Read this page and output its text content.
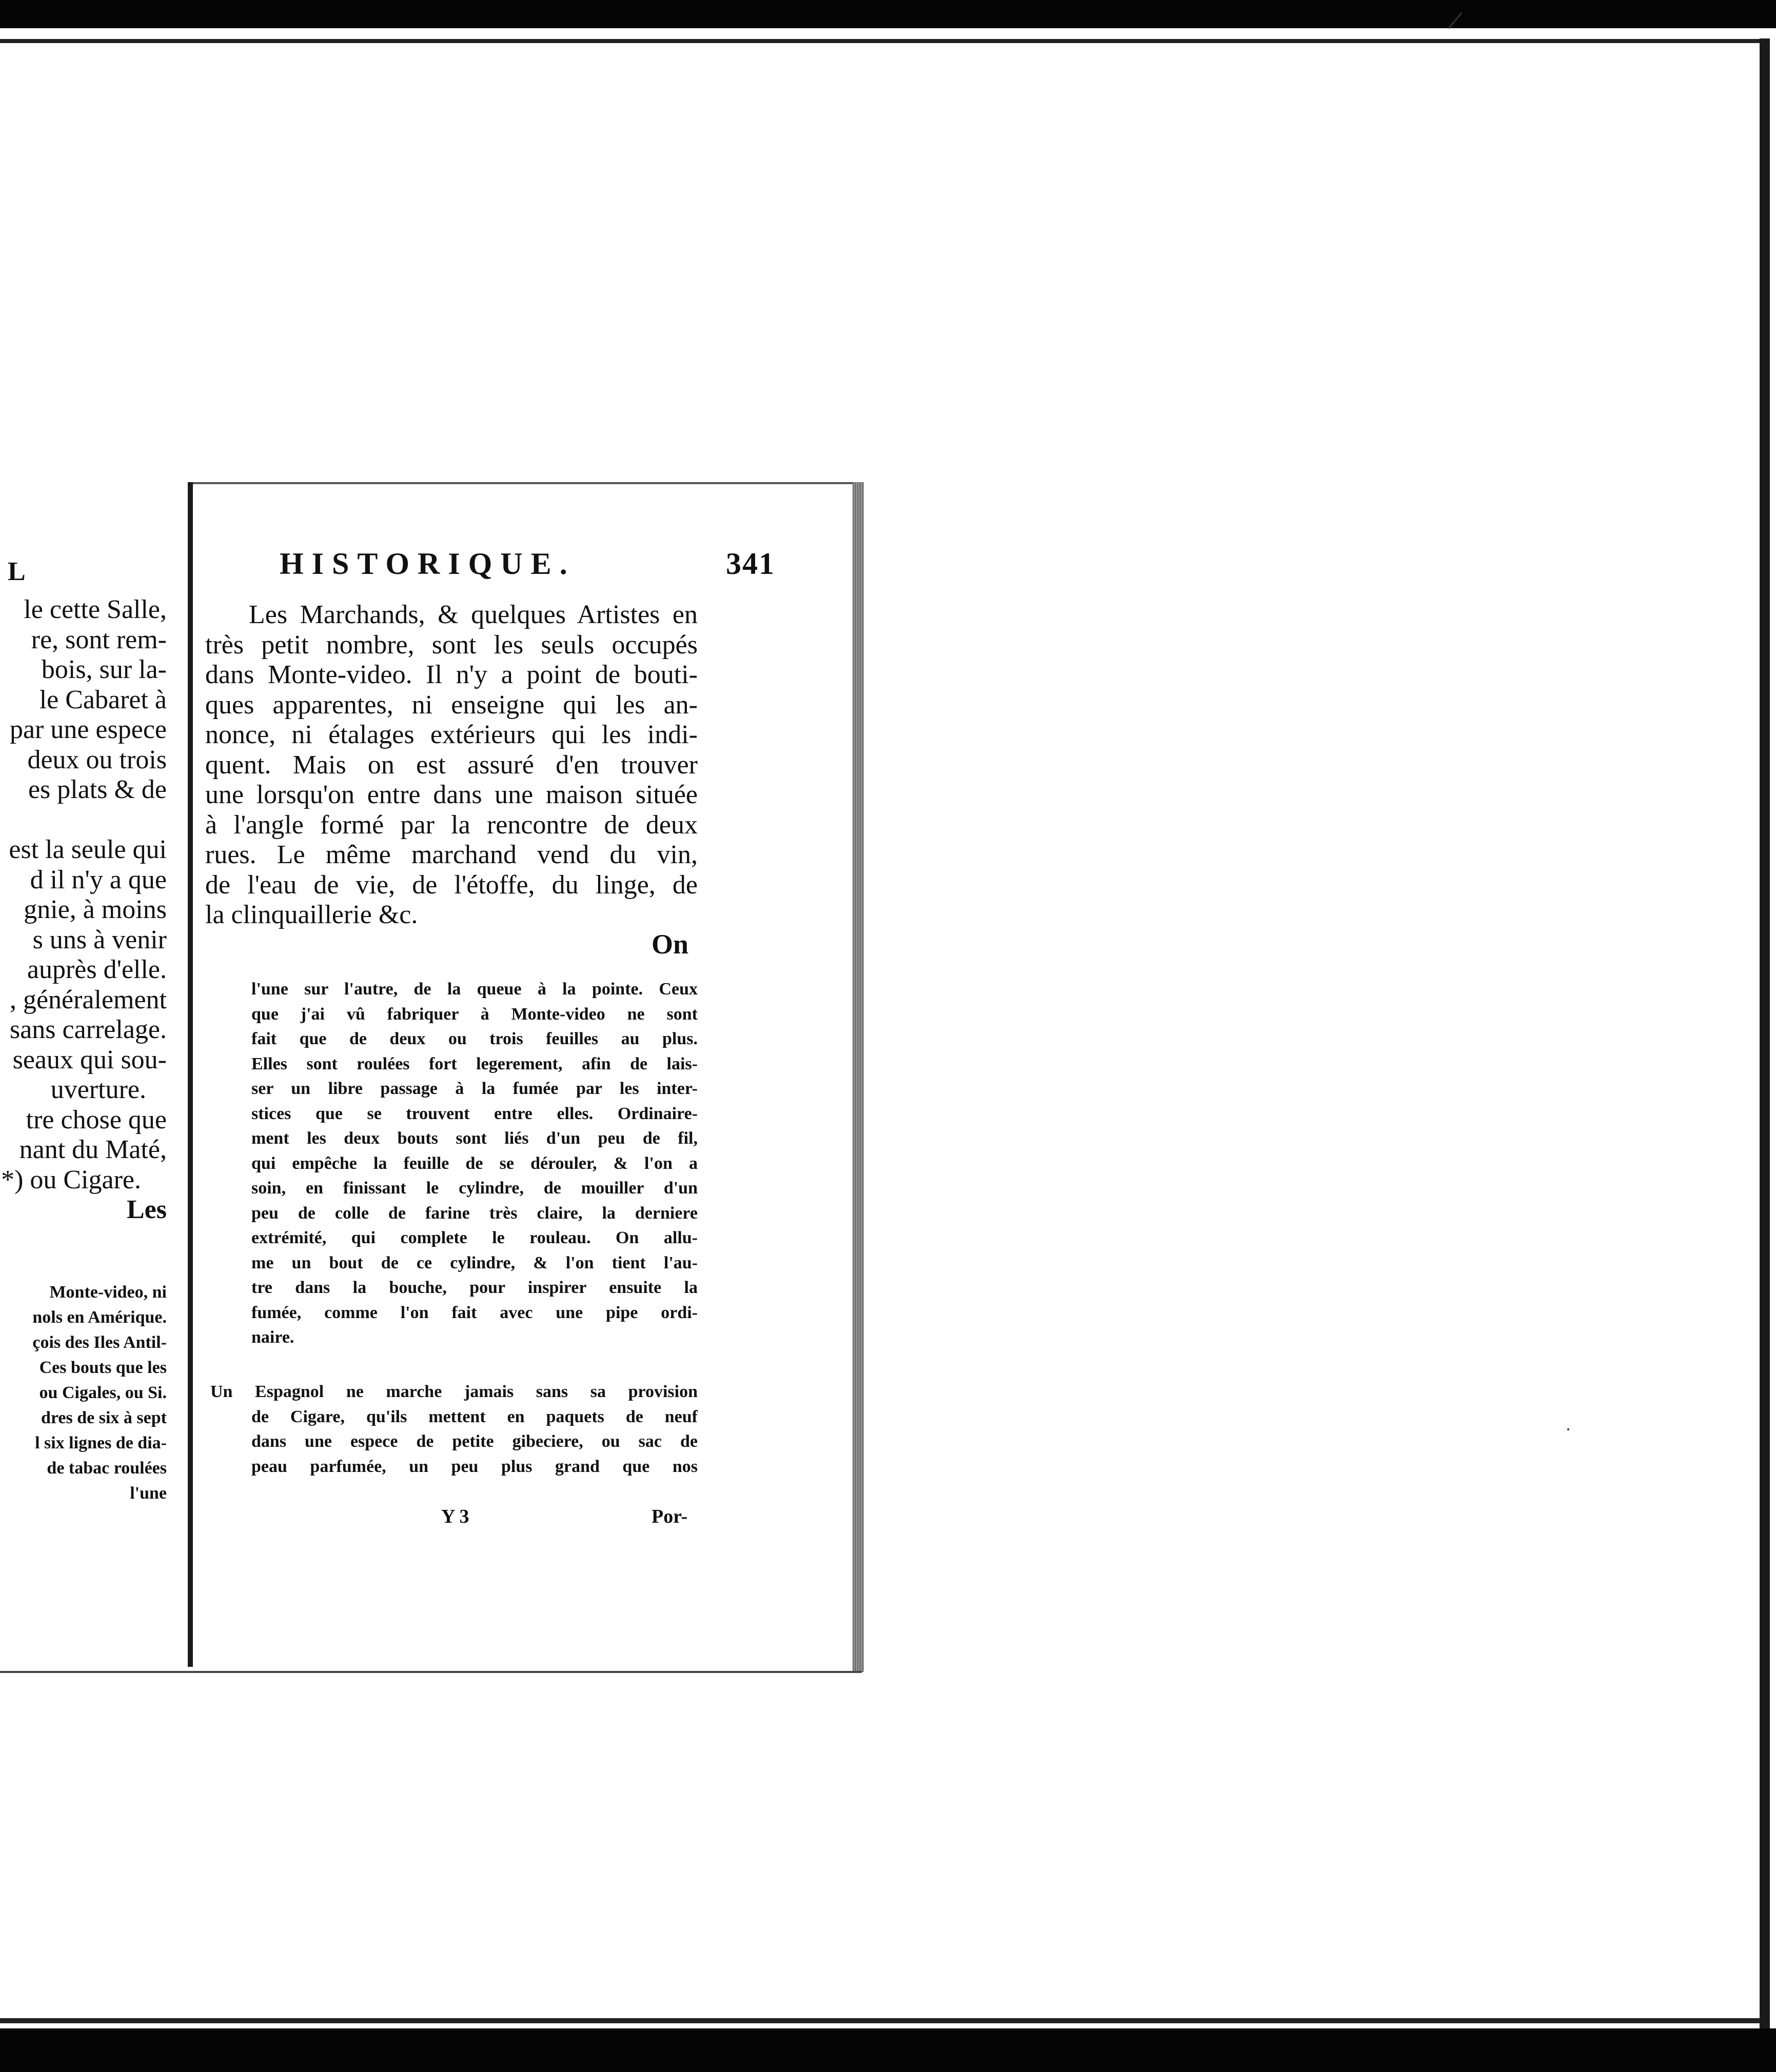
L
le cette Salle,
re, sont rem-
bois, sur la-
le Cabaret à
par une espece
deux ou trois
es plats & de
est la seule qui
d il n'y a que
gnie, à moins
s uns à venir
auprès d'elle.
, généralement
sans carrelage.
seaux qui sou-
uverture.
tre chose que
nant du Maté,
*) ou Cigare.
Les
Monte-video, ni
nols en Amérique.
çois des Iles Antil-
Ces bouts que les
ou Cigales, ou Si.
dres de six à sept
l six lignes de dia-
de tabac roulées
l'une
HISTORIQUE.	341
Les Marchands, & quelques Artistes en
très petit nombre, sont les seuls occupés
dans Monte-video. Il n'y a point de bouti-
ques apparentes, ni enseigne qui les an-
nonce, ni étalages extérieurs qui les indi-
quent. Mais on est assuré d'en trouver
une lorsqu'on entre dans une maison située
à l'angle formé par la rencontre de deux
rues. Le même marchand vend du vin,
de l'eau de vie, de l'étoffe, du linge, de
la clinquaillerie &c.
On
l'une sur l'autre, de la queue à la pointe. Ceux
que j'ai vû fabriquer à Monte-video ne sont
fait que de deux ou trois feuilles au plus.
Elles sont roulées fort legerement, afin de lais-
ser un libre passage à la fumée par les inter-
stices que se trouvent entre elles. Ordinaire-
ment les deux bouts sont liés d'un peu de fil,
qui empêche la feuille de se dérouler, & l'on a
soin, en finissant le cylindre, de mouiller d'un
peu de colle de farine très claire, la derniere
extrémité, qui complete le rouleau. On allu-
me un bout de ce cylindre, & l'on tient l'au-
tre dans la bouche, pour inspirer ensuite la
fumée, comme l'on fait avec une pipe ordi-
naire.
Un Espagnol ne marche jamais sans sa provision
de Cigare, qu'ils mettent en paquets de neuf
dans une espece de petite gibeciere, ou sac de
peau parfumée, un peu plus grand que nos
Y 3	Por-
